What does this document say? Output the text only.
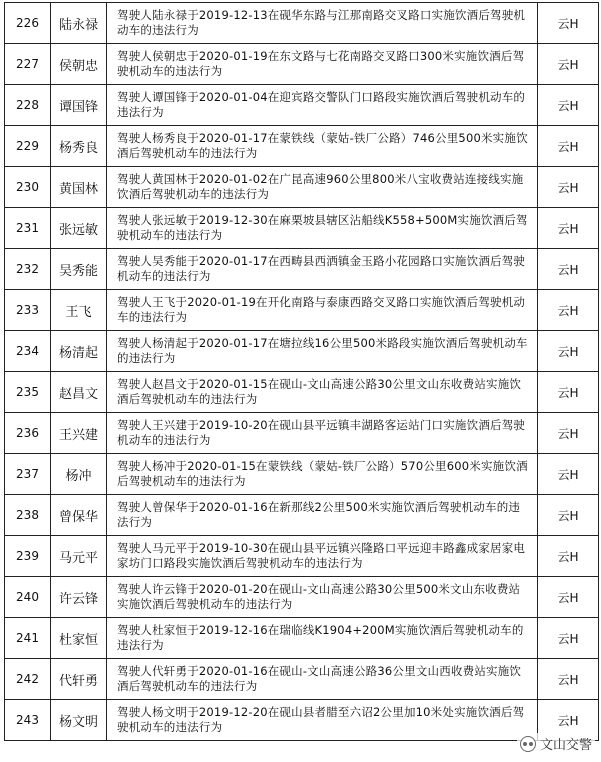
226	陆永禄	驾驶人陆永禄于2019-12-13在砚华东路与江那南路交叉路口实施饮酒后驾驶机动车的违法行为	云H
227	侯朝忠	驾驶人侯朝忠于2020-01-19在东文路与七花南路交叉路口300米实施饮酒后驾驶机动车的违法行为	云H
228	谭国锋	驾驶人谭国锋于2020-01-04在迎宾路交警队门口路段实施饮酒后驾驶机动车的违法行为	云H
229	杨秀良	驾驶人杨秀良于2020-01-17在蒙铁线（蒙姑-铁厂公路）746公里500米实施饮酒后驾驶机动车的违法行为	云H
230	黄国林	驾驶人黄国林于2020-01-02在广昆高速960公里800米八宝收费站连接线实施饮酒后驾驶机动车的违法行为	云H
231	张远敏	驾驶人张远敏于2019-12-30在麻栗坡县辖区沾船线K558+500M实施饮酒后驾驶机动车的违法行为	云H
232	吴秀能	驾驶人吴秀能于2020-01-17在西畴县西洒镇金玉路小花园路口实施饮酒后驾驶机动车的违法行为	云H
233	王飞	驾驶人王飞于2020-01-19在开化南路与泰康西路交叉路口实施饮酒后驾驶机动车的违法行为	云H
234	杨清起	驾驶人杨清起于2020-01-17在塘拉线16公里500米路段实施饮酒后驾驶机动车的违法行为	云H
235	赵昌文	驾驶人赵昌文于2020-01-15在砚山-文山高速公路30公里文山东收费站实施饮酒后驾驶机动车的违法行为	云H
236	王兴建	驾驶人王兴建于2019-10-20在砚山县平远镇丰湖路客运站门口实施饮酒后驾驶机动车的违法行为	云H
237	杨冲	驾驶人杨冲于2020-01-15在蒙铁线（蒙姑-铁厂公路）570公里600米实施饮酒后驾驶机动车的违法行为	云H
238	曾保华	驾驶人曾保华于2020-01-16在新那线2公里500米实施饮酒后驾驶机动车的违法行为	云H
239	马元平	驾驶人马元平于2019-10-30在砚山县平远镇兴隆路口平远迎丰路鑫成家居家电家坊门口路段实施饮酒后驾驶机动车的违法行为	云H
240	许云锋	驾驶人许云锋于2020-01-20在砚山-文山高速公路30公里500米文山东收费站实施饮酒后驾驶机动车的违法行为	云H
241	杜家恒	驾驶人杜家恒于2019-12-16在瑞临线K1904+200M实施饮酒后驾驶机动车的违法行为	云H
242	代轩勇	驾驶人代轩勇于2020-01-16在砚山-文山高速公路36公里文山西收费站实施饮酒后驾驶机动车的违法行为	云H
243	杨文明	驾驶人杨文明于2019-12-20在砚山县者腊至六诏2公里加10米处实施饮酒后驾驶机动车的违法行为	云H
文山交警
